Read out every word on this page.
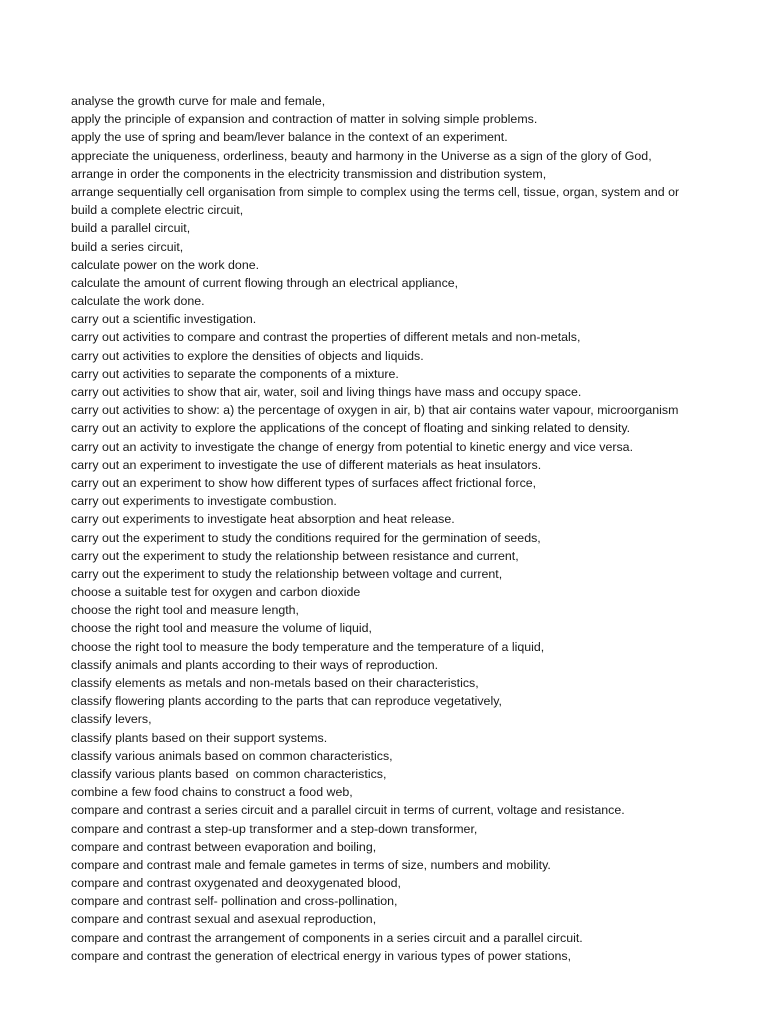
analyse the growth curve for male and female,
apply the principle of expansion and contraction of matter in solving simple problems.
apply the use of spring and beam/lever balance in the context of an experiment.
appreciate the uniqueness, orderliness, beauty and harmony in the Universe as a sign of the glory of God,
arrange in order the components in the electricity transmission and distribution system,
arrange sequentially cell organisation from simple to complex using the terms cell, tissue, organ, system and or
build a complete electric circuit,
build a parallel circuit,
build a series circuit,
calculate power on the work done.
calculate the amount of current flowing through an electrical appliance,
calculate the work done.
carry out a scientific investigation.
carry out activities to compare and contrast the properties of different metals and non-metals,
carry out activities to explore the densities of objects and liquids.
carry out activities to separate the components of a mixture.
carry out activities to show that air, water, soil and living things have mass and occupy space.
carry out activities to show: a) the percentage of oxygen in air, b) that air contains water vapour, microorganism
carry out an activity to explore the applications of the concept of floating and sinking related to density.
carry out an activity to investigate the change of energy from potential to kinetic energy and vice versa.
carry out an experiment to investigate the use of different materials as heat insulators.
carry out an experiment to show how different types of surfaces affect frictional force,
carry out experiments to investigate combustion.
carry out experiments to investigate heat absorption and heat release.
carry out the experiment to study the conditions required for the germination of seeds,
carry out the experiment to study the relationship between resistance and current,
carry out the experiment to study the relationship between voltage and current,
choose a suitable test for oxygen and carbon dioxide
choose the right tool and measure length,
choose the right tool and measure the volume of liquid,
choose the right tool to measure the body temperature and the temperature of a liquid,
classify animals and plants according to their ways of reproduction.
classify elements as metals and non-metals based on their characteristics,
classify flowering plants according to the parts that can reproduce vegetatively,
classify levers,
classify plants based on their support systems.
classify various animals based on common characteristics,
classify various plants based  on common characteristics,
combine a few food chains to construct a food web,
compare and contrast a series circuit and a parallel circuit in terms of current, voltage and resistance.
compare and contrast a step-up transformer and a step-down transformer,
compare and contrast between evaporation and boiling,
compare and contrast male and female gametes in terms of size, numbers and mobility.
compare and contrast oxygenated and deoxygenated blood,
compare and contrast self- pollination and cross-pollination,
compare and contrast sexual and asexual reproduction,
compare and contrast the arrangement of components in a series circuit and a parallel circuit.
compare and contrast the generation of electrical energy in various types of power stations,
